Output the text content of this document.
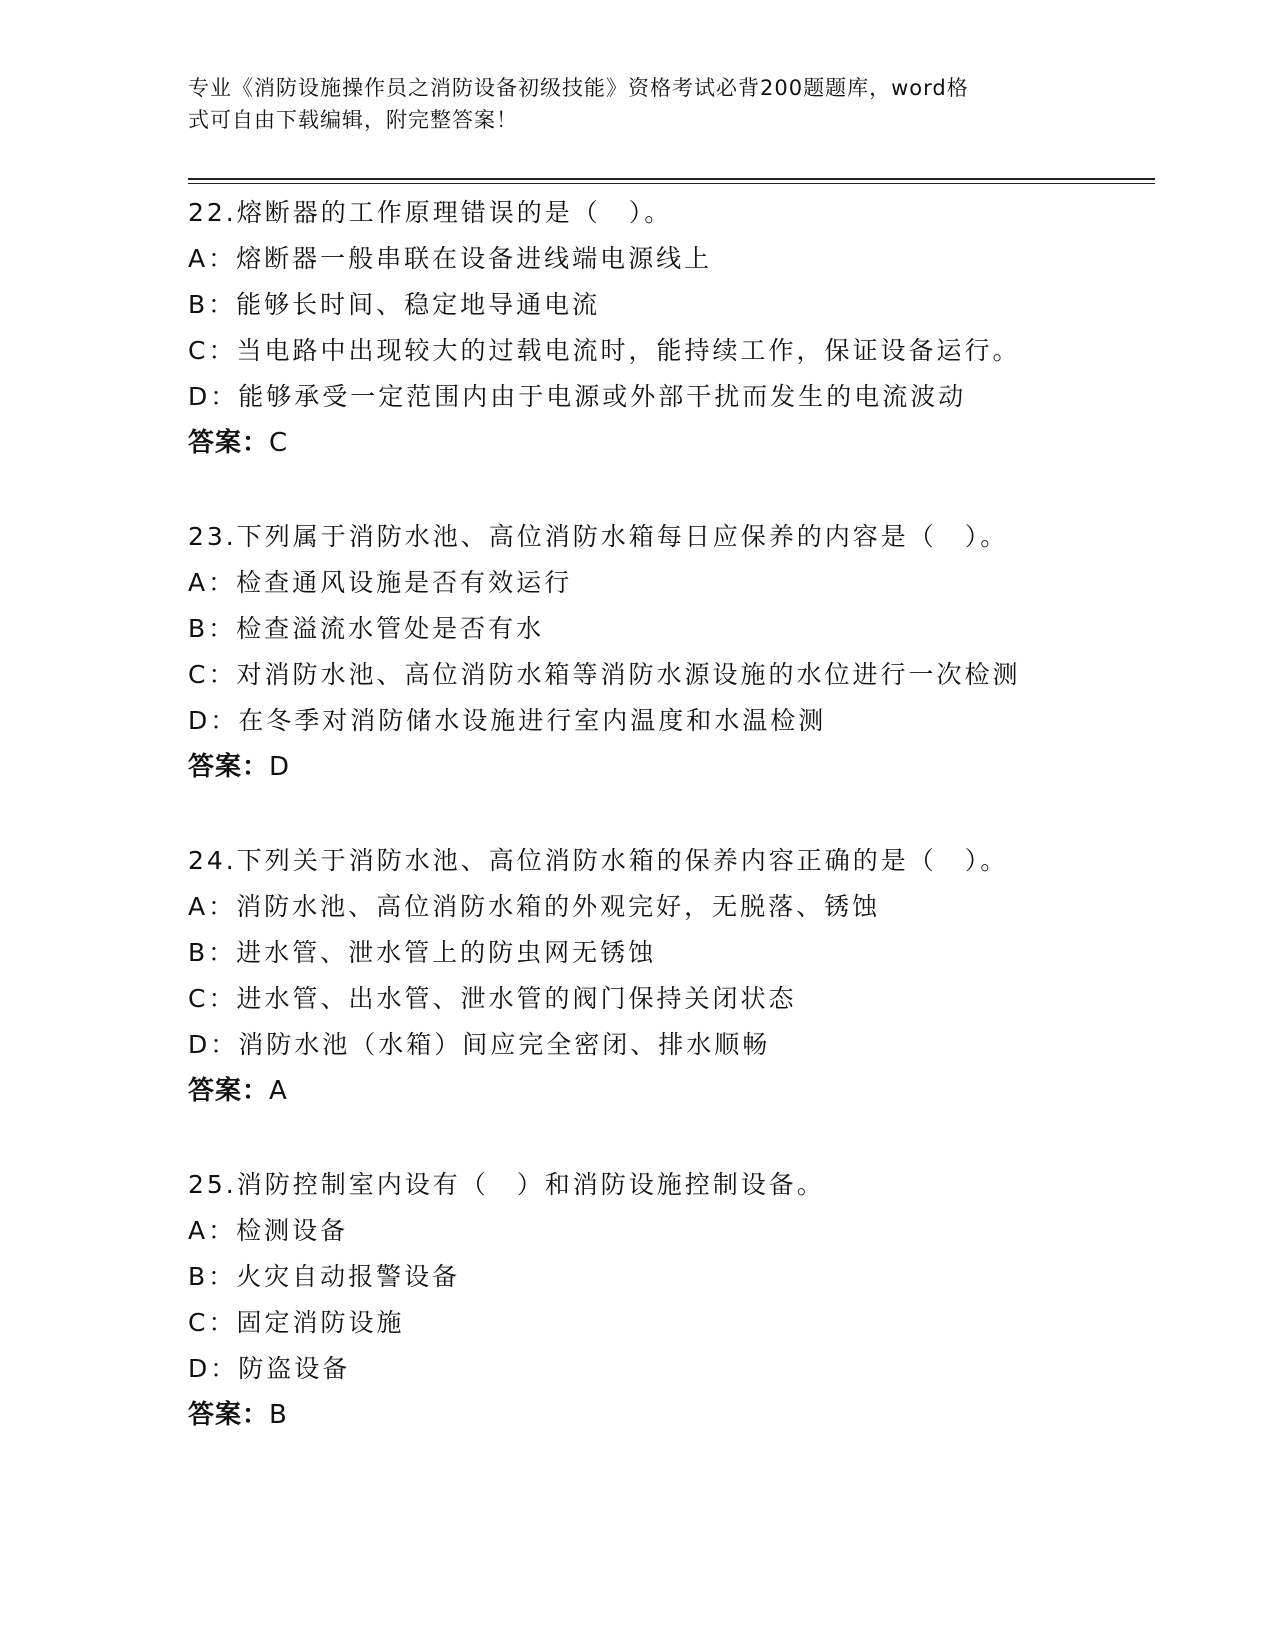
专业《消防设施操作员之消防设备初级技能》资格考试必背200题题库，word格
式可自由下载编辑，附完整答案！
22.熔断器的工作原理错误的是（　）。
A：熔断器一般串联在设备进线端电源线上
B：能够长时间、稳定地导通电流
C：当电路中出现较大的过载电流时，能持续工作，保证设备运行。
D：能够承受一定范围内由于电源或外部干扰而发生的电流波动
答案：C
23.下列属于消防水池、高位消防水箱每日应保养的内容是（　）。
A：检查通风设施是否有效运行
B：检查溢流水管处是否有水
C：对消防水池、高位消防水箱等消防水源设施的水位进行一次检测
D：在冬季对消防储水设施进行室内温度和水温检测
答案：D
24.下列关于消防水池、高位消防水箱的保养内容正确的是（　）。
A：消防水池、高位消防水箱的外观完好，无脱落、锈蚀
B：进水管、泄水管上的防虫网无锈蚀
C：进水管、出水管、泄水管的阀门保持关闭状态
D：消防水池（水箱）间应完全密闭、排水顺畅
答案：A
25.消防控制室内设有（　）和消防设施控制设备。
A：检测设备
B：火灾自动报警设备
C：固定消防设施
D：防盗设备
答案：B
